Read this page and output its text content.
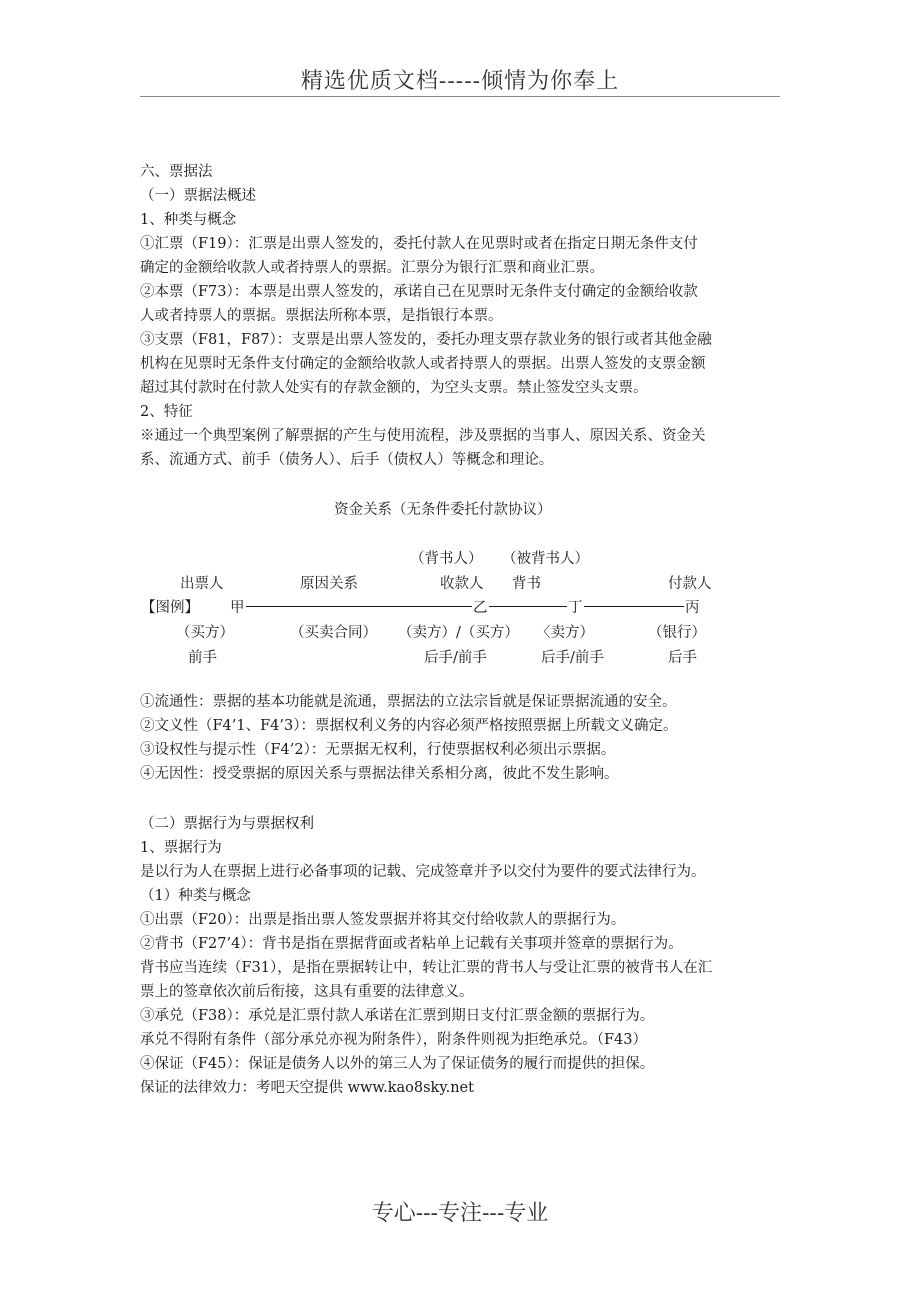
精选优质文档-----倾情为你奉上
六、票据法
（一）票据法概述
1、种类与概念
①汇票（F19）：汇票是出票人签发的，委托付款人在见票时或者在指定日期无条件支付
确定的金额给收款人或者持票人的票据。汇票分为银行汇票和商业汇票。
②本票（F73）：本票是出票人签发的，承诺自己在见票时无条件支付确定的金额给收款
人或者持票人的票据。票据法所称本票，是指银行本票。
③支票（F81，F87）：支票是出票人签发的，委托办理支票存款业务的银行或者其他金融
机构在见票时无条件支付确定的金额给收款人或者持票人的票据。出票人签发的支票金额
超过其付款时在付款人处实有的存款金额的，为空头支票。禁止签发空头支票。
2、特征
※通过一个典型案例了解票据的产生与使用流程，涉及票据的当事人、原因关系、资金关
系、流通方式、前手（债务人）、后手（债权人）等概念和理论。
资金关系（无条件委托付款协议）
（背书人） （被背书人）
出票人	原因关系	收款人 背书	付款人
【图例】 甲	乙	丁	丙
（买方）	（买卖合同） （卖方）/（买方） 〈卖方）	（银行）
前手	后手/前手	后手/前手	后手
①流通性：票据的基本功能就是流通，票据法的立法宗旨就是保证票据流通的安全。
②文义性（F4’1、F4’3）：票据权利义务的内容必须严格按照票据上所载文义确定。
③设权性与提示性（F4’2）：无票据无权利，行使票据权利必须出示票据。
④无因性：授受票据的原因关系与票据法律关系相分离，彼此不发生影响。
（二）票据行为与票据权利
1、票据行为
是以行为人在票据上进行必备事项的记载、完成签章并予以交付为要件的要式法律行为。
（1）种类与概念
①出票（F20）：出票是指出票人签发票据并将其交付给收款人的票据行为。
②背书（F27’4）：背书是指在票据背面或者粘单上记载有关事项并签章的票据行为。
背书应当连续（F31），是指在票据转让中，转让汇票的背书人与受让汇票的被背书人在汇
票上的签章依次前后衔接，这具有重要的法律意义。
③承兑（F38）：承兑是汇票付款人承诺在汇票到期日支付汇票金额的票据行为。
承兑不得附有条件（部分承兑亦视为附条件），附条件则视为拒绝承兑。（F43）
④保证（F45）：保证是债务人以外的第三人为了保证债务的履行而提供的担保。
保证的法律效力：考吧天空提供 www.kao8sky.net
专心---专注---专业
